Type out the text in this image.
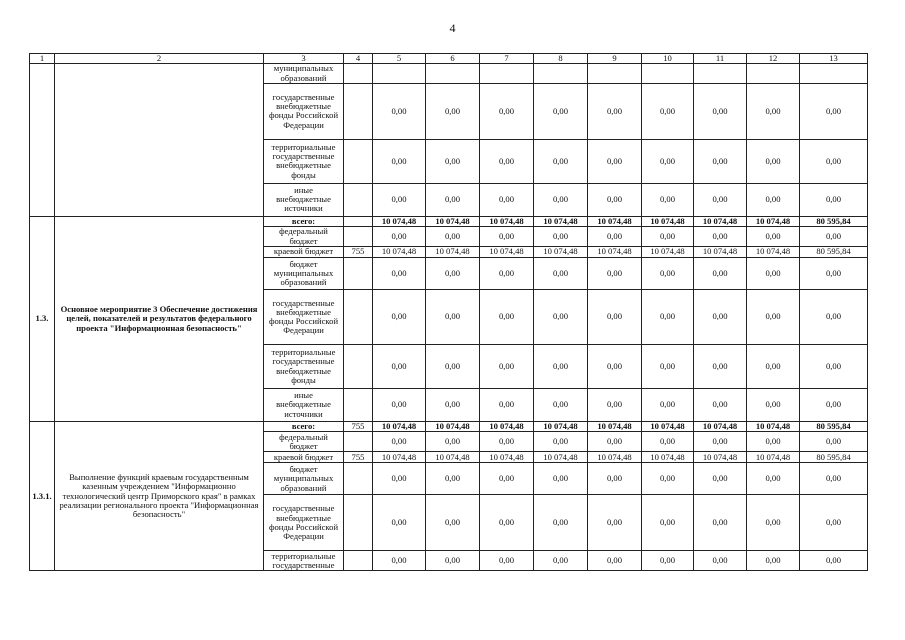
4
1	2	3	4	5	6	7	8	9	10	11	12	13
		муниципальных образований										
		государственные внебюджетные фонды Российской Федерации		0,00	0,00	0,00	0,00	0,00	0,00	0,00	0,00	0,00
		территориальные государственные внебюджетные фонды		0,00	0,00	0,00	0,00	0,00	0,00	0,00	0,00	0,00
		иные внебюджетные источники		0,00	0,00	0,00	0,00	0,00	0,00	0,00	0,00	0,00
1.3.	Основное мероприятие 3 Обеспечение достижения целей, показателей и результатов федерального проекта "Информационная безопасность"	всего:		10 074,48	10 074,48	10 074,48	10 074,48	10 074,48	10 074,48	10 074,48	10 074,48	80 595,84
		федеральный бюджет		0,00	0,00	0,00	0,00	0,00	0,00	0,00	0,00	0,00
		краевой бюджет	755	10 074,48	10 074,48	10 074,48	10 074,48	10 074,48	10 074,48	10 074,48	10 074,48	80 595,84
		бюджет муниципальных образований		0,00	0,00	0,00	0,00	0,00	0,00	0,00	0,00	0,00
		государственные внебюджетные фонды Российской Федерации		0,00	0,00	0,00	0,00	0,00	0,00	0,00	0,00	0,00
		территориальные государственные внебюджетные фонды		0,00	0,00	0,00	0,00	0,00	0,00	0,00	0,00	0,00
		иные внебюджетные источники		0,00	0,00	0,00	0,00	0,00	0,00	0,00	0,00	0,00
1.3.1.	Выполнение функций краевым государственным казенным учреждением "Информационно технологический центр Приморского края" в рамках реализации регионального проекта "Информационная безопасность"	всего:	755	10 074,48	10 074,48	10 074,48	10 074,48	10 074,48	10 074,48	10 074,48	10 074,48	80 595,84
		федеральный бюджет		0,00	0,00	0,00	0,00	0,00	0,00	0,00	0,00	0,00
		краевой бюджет	755	10 074,48	10 074,48	10 074,48	10 074,48	10 074,48	10 074,48	10 074,48	10 074,48	80 595,84
		бюджет муниципальных образований		0,00	0,00	0,00	0,00	0,00	0,00	0,00	0,00	0,00
		государственные внебюджетные фонды Российской Федерации		0,00	0,00	0,00	0,00	0,00	0,00	0,00	0,00	0,00
		территориальные государственные		0,00	0,00	0,00	0,00	0,00	0,00	0,00	0,00	0,00
